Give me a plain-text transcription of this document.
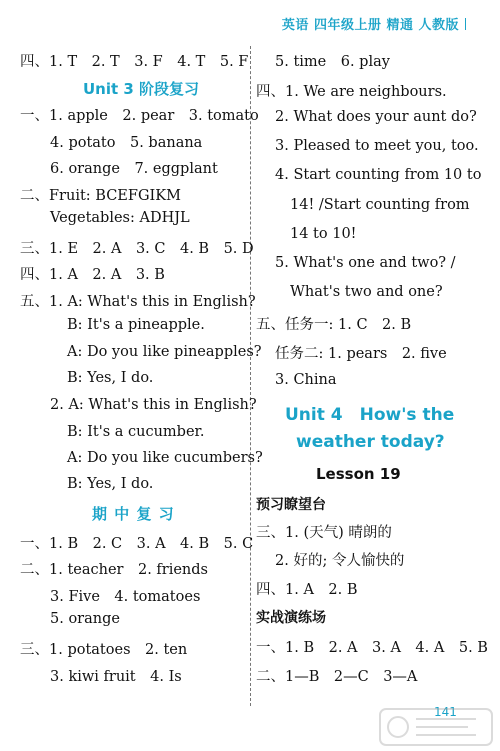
英语 四年级上册 精通 人教版
四、1. T　2. T　3. F　4. T　5. F
Unit 3 阶段复习
一、1. apple　2. pear　3. tomato
4. potato　5. banana
6. orange　7. eggplant
二、Fruit: BCEFGIKM
Vegetables: ADHJL
三、1. E　2. A　3. C　4. B　5. D
四、1. A　2. A　3. B
五、1. A: What's this in English?
B: It's a pineapple.
A: Do you like pineapples?
B: Yes, I do.
2. A: What's this in English?
B: It's a cucumber.
A: Do you like cucumbers?
B: Yes, I do.
期 中 复 习
一、1. B　2. C　3. A　4. B　5. C
二、1. teacher　2. friends
3. Five　4. tomatoes
5. orange
三、1. potatoes　2. ten
3. kiwi fruit　4. Is
5. time　6. play
四、1. We are neighbours.
2. What does your aunt do?
3. Pleased to meet you, too.
4. Start counting from 10 to
14! /Start counting from
14 to 10!
5. What's one and two? /
What's two and one?
五、任务一: 1. C　2. B
任务二: 1. pears　2. five
3. China
Unit 4　How's the
weather today?
Lesson 19
预习瞭望台
三、1. (天气) 晴朗的
2. 好的; 令人愉快的
四、1. A　2. B
实战演练场
一、1. B　2. A　3. A　4. A　5. B
二、1—B　2—C　3—A
141
